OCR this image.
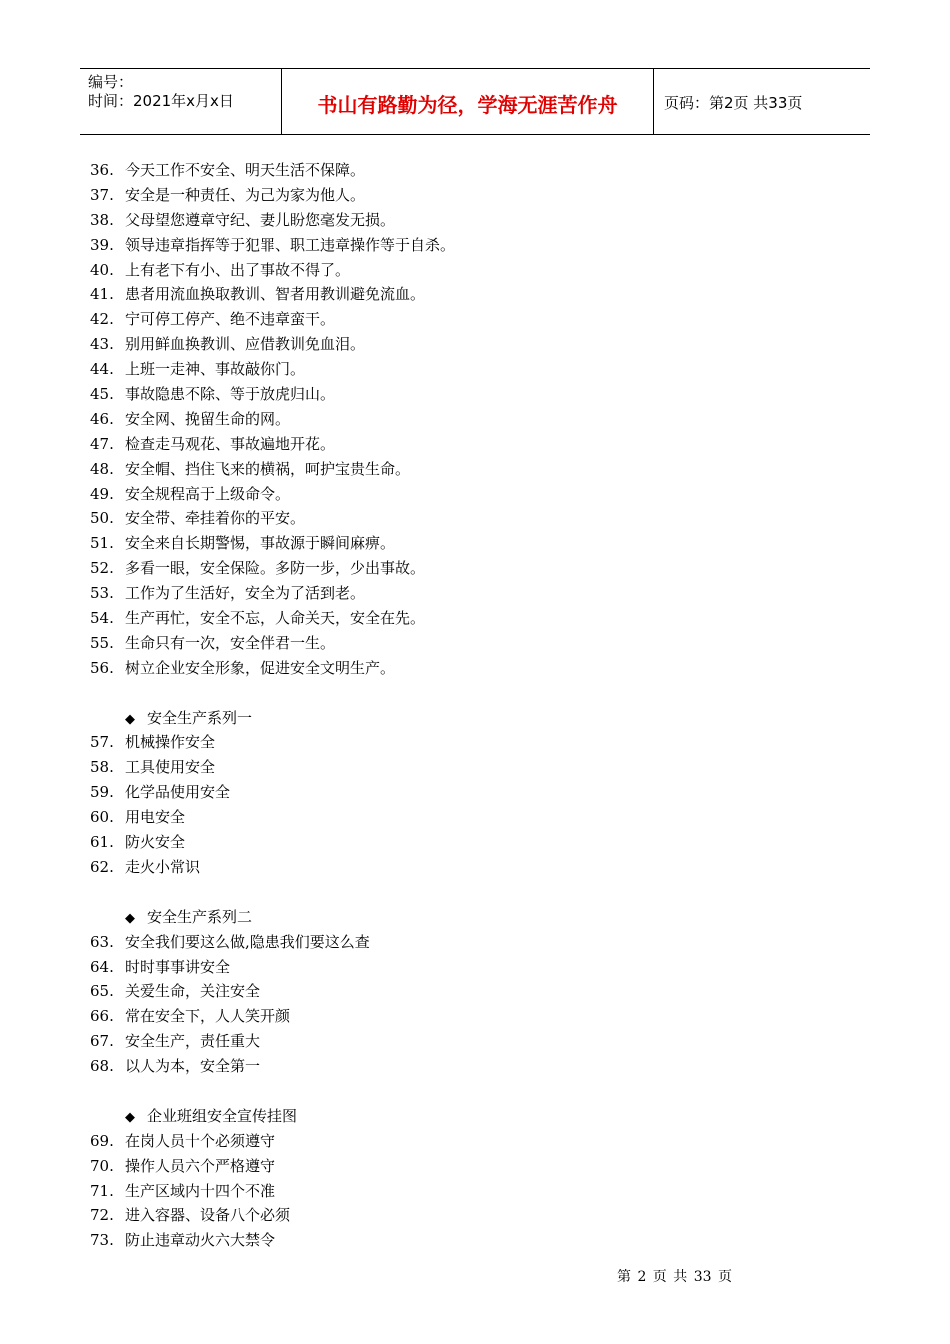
编号：
时间：2021年x月x日	书山有路勤为径，学海无涯苦作舟	页码：第2页 共33页
36. 今天工作不安全、明天生活不保障。
37. 安全是一种责任、为己为家为他人。
38. 父母望您遵章守纪、妻儿盼您毫发无损。
39. 领导违章指挥等于犯罪、职工违章操作等于自杀。
40. 上有老下有小、出了事故不得了。
41. 患者用流血换取教训、智者用教训避免流血。
42. 宁可停工停产、绝不违章蛮干。
43. 别用鲜血换教训、应借教训免血泪。
44. 上班一走神、事故敲你门。
45. 事故隐患不除、等于放虎归山。
46. 安全网、挽留生命的网。
47. 检查走马观花、事故遍地开花。
48. 安全帽、挡住飞来的横祸，呵护宝贵生命。
49. 安全规程高于上级命令。
50. 安全带、牵挂着你的平安。
51. 安全来自长期警惕，事故源于瞬间麻痹。
52. 多看一眼，安全保险。多防一步，少出事故。
53. 工作为了生活好，安全为了活到老。
54. 生产再忙，安全不忘，人命关天，安全在先。
55. 生命只有一次，安全伴君一生。
56. 树立企业安全形象，促进安全文明生产。
◆ 安全生产系列一
57. 机械操作安全
58. 工具使用安全
59. 化学品使用安全
60. 用电安全
61. 防火安全
62. 走火小常识
◆ 安全生产系列二
63. 安全我们要这么做,隐患我们要这么查
64. 时时事事讲安全
65. 关爱生命，关注安全
66. 常在安全下，人人笑开颜
67. 安全生产，责任重大
68. 以人为本，安全第一
◆ 企业班组安全宣传挂图
69. 在岗人员十个必须遵守
70. 操作人员六个严格遵守
71. 生产区域内十四个不准
72. 进入容器、设备八个必须
73. 防止违章动火六大禁令
第 2 页 共 33 页
